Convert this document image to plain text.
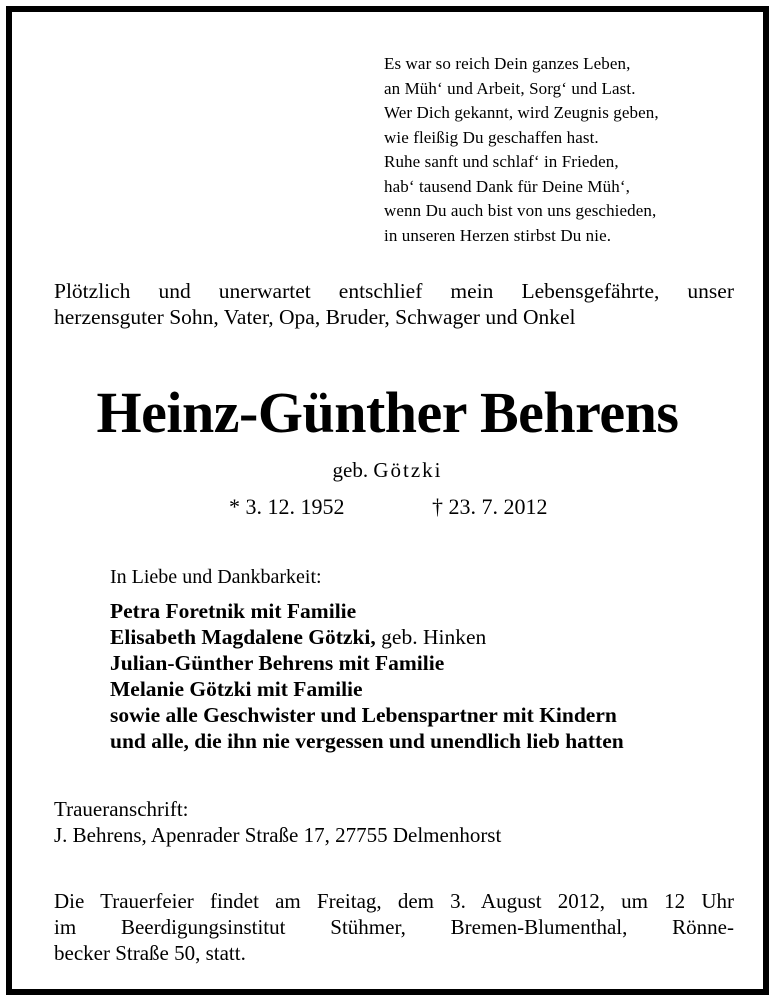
Es war so reich Dein ganzes Leben,
an Müh‘ und Arbeit, Sorg‘ und Last.
Wer Dich gekannt, wird Zeugnis geben,
wie fleißig Du geschaffen hast.
Ruhe sanft und schlaf‘ in Frieden,
hab‘ tausend Dank für Deine Müh‘,
wenn Du auch bist von uns geschieden,
in unseren Herzen stirbst Du nie.
Plötzlich und unerwartet entschlief mein Lebensgefährte, unser
herzensguter Sohn, Vater, Opa, Bruder, Schwager und Onkel
Heinz-Günther Behrens
geb. Götzki
* 3. 12. 1952	† 23. 7. 2012
In Liebe und Dankbarkeit:
Petra Foretnik mit Familie
Elisabeth Magdalene Götzki, geb. Hinken
Julian-Günther Behrens mit Familie
Melanie Götzki mit Familie
sowie alle Geschwister und Lebenspartner mit Kindern
und alle, die ihn nie vergessen und unendlich lieb hatten
Traueranschrift:
J. Behrens, Apenrader Straße 17, 27755 Delmenhorst
Die Trauerfeier findet am Freitag, dem 3. August 2012, um 12 Uhr
im Beerdigungsinstitut Stühmer, Bremen-Blumenthal, Rönne-
becker Straße 50, statt.
